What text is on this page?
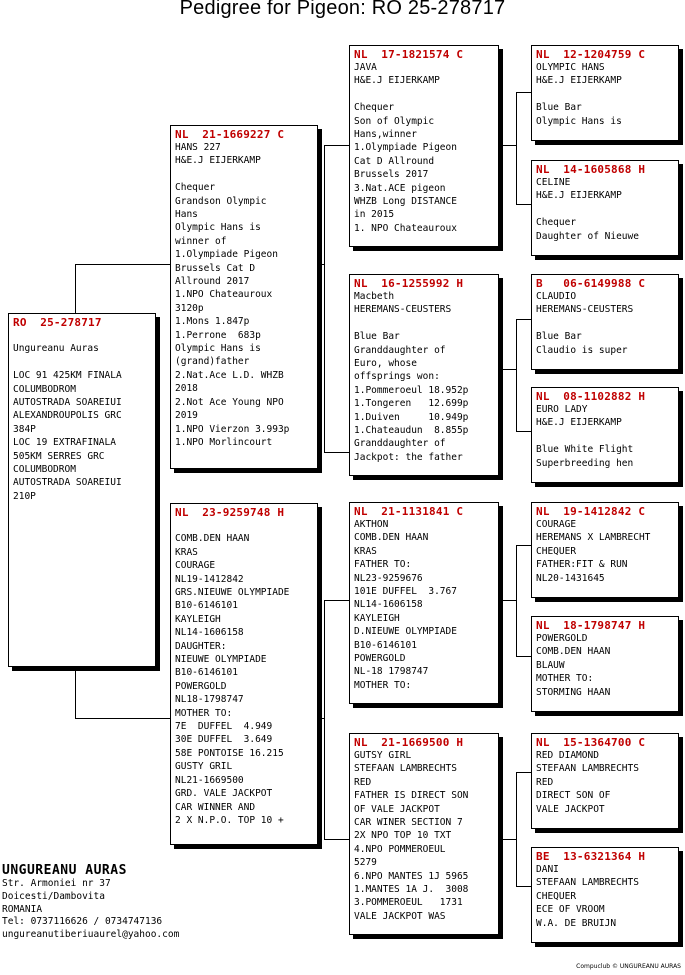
Pedigree for Pigeon: RO 25-278717
RO  25-278717
Ungureanu Auras
LOC 91 425KM FINALA
COLUMBODROM
AUTOSTRADA SOAREIUI
ALEXANDROUPOLIS GRC
384P
LOC 19 EXTRAFINALA
505KM SERRES GRC
COLUMBODROM
AUTOSTRADA SOAREIUI
210P
NL  21-1669227 C
HANS 227
H&E.J EIJERKAMP
Chequer
Grandson Olympic
Hans
Olympic Hans is
winner of
1.Olympiade Pigeon
Brussels Cat D
Allround 2017
1.NPO Chateauroux
3120p
1.Mons 1.847p
1.Perrone  683p
Olympic Hans is
(grand)father
2.Nat.Ace L.D. WHZB
2018
2.Not Ace Young NPO
2019
1.NPO Vierzon 3.993p
1.NPO Morlincourt
NL  23-9259748 H
COMB.DEN HAAN
KRAS
COURAGE
NL19-1412842
GRS.NIEUWE OLYMPIADE
B10-6146101
KAYLEIGH
NL14-1606158
DAUGHTER:
NIEUWE OLYMPIADE
B10-6146101
POWERGOLD
NL18-1798747
MOTHER TO:
7E  DUFFEL  4.949
30E DUFFEL  3.649
58E PONTOISE 16.215
GUSTY GRIL
NL21-1669500
GRD. VALE JACKPOT
CAR WINNER AND
2 X N.P.O. TOP 10 +
NL  17-1821574 C
JAVA
H&E.J EIJERKAMP
Chequer
Son of Olympic
Hans,winner
1.Olympiade Pigeon
Cat D Allround
Brussels 2017
3.Nat.ACE pigeon
WHZB Long DISTANCE
in 2015
1. NPO Chateauroux
NL  16-1255992 H
Macbeth
HEREMANS-CEUSTERS
Blue Bar
Granddaughter of
Euro, whose
offsprings won:
1.Pommeroeul 18.952p
1.Tongeren   12.699p
1.Duiven     10.949p
1.Chateaudun  8.855p
Granddaughter of
Jackpot: the father
NL  21-1131841 C
AKTHON
COMB.DEN HAAN
KRAS
FATHER TO:
NL23-9259676
101E DUFFEL  3.767
NL14-1606158
KAYLEIGH
D.NIEUWE OLYMPIADE
B10-6146101
POWERGOLD
NL-18 1798747
MOTHER TO:
NL  21-1669500 H
GUTSY GIRL
STEFAAN LAMBRECHTS
RED
FATHER IS DIRECT SON
OF VALE JACKPOT
CAR WINER SECTION 7
2X NPO TOP 10 TXT
4.NPO POMMEROEUL
5279
6.NPO MANTES 1J 5965
1.MANTES 1A J.  3008
3.POMMEROEUL   1731
VALE JACKPOT WAS
NL  12-1204759 C
OLYMPIC HANS
H&E.J EIJERKAMP
Blue Bar
Olympic Hans is
NL  14-1605868 H
CELINE
H&E.J EIJERKAMP
Chequer
Daughter of Nieuwe
B   06-6149988 C
CLAUDIO
HEREMANS-CEUSTERS
Blue Bar
Claudio is super
NL  08-1102882 H
EURO LADY
H&E.J EIJERKAMP
Blue White Flight
Superbreeding hen
NL  19-1412842 C
COURAGE
HEREMANS X LAMBRECHT
CHEQUER
FATHER:FIT & RUN
NL20-1431645
NL  18-1798747 H
POWERGOLD
COMB.DEN HAAN
BLAUW
MOTHER TO:
STORMING HAAN
NL  15-1364700 C
RED DIAMOND
STEFAAN LAMBRECHTS
RED
DIRECT SON OF
VALE JACKPOT
BE  13-6321364 H
DANI
STEFAAN LAMBRECHTS
CHEQUER
ECE OF VROOM
W.A. DE BRUIJN
UNGUREANU AURAS
Str. Armoniei nr 37
Doicesti/Dambovita
ROMANIA
Tel: 0737116626 / 0734747136
ungureanutiberiuaurel@yahoo.com
Compuclub © UNGUREANU AURAS
